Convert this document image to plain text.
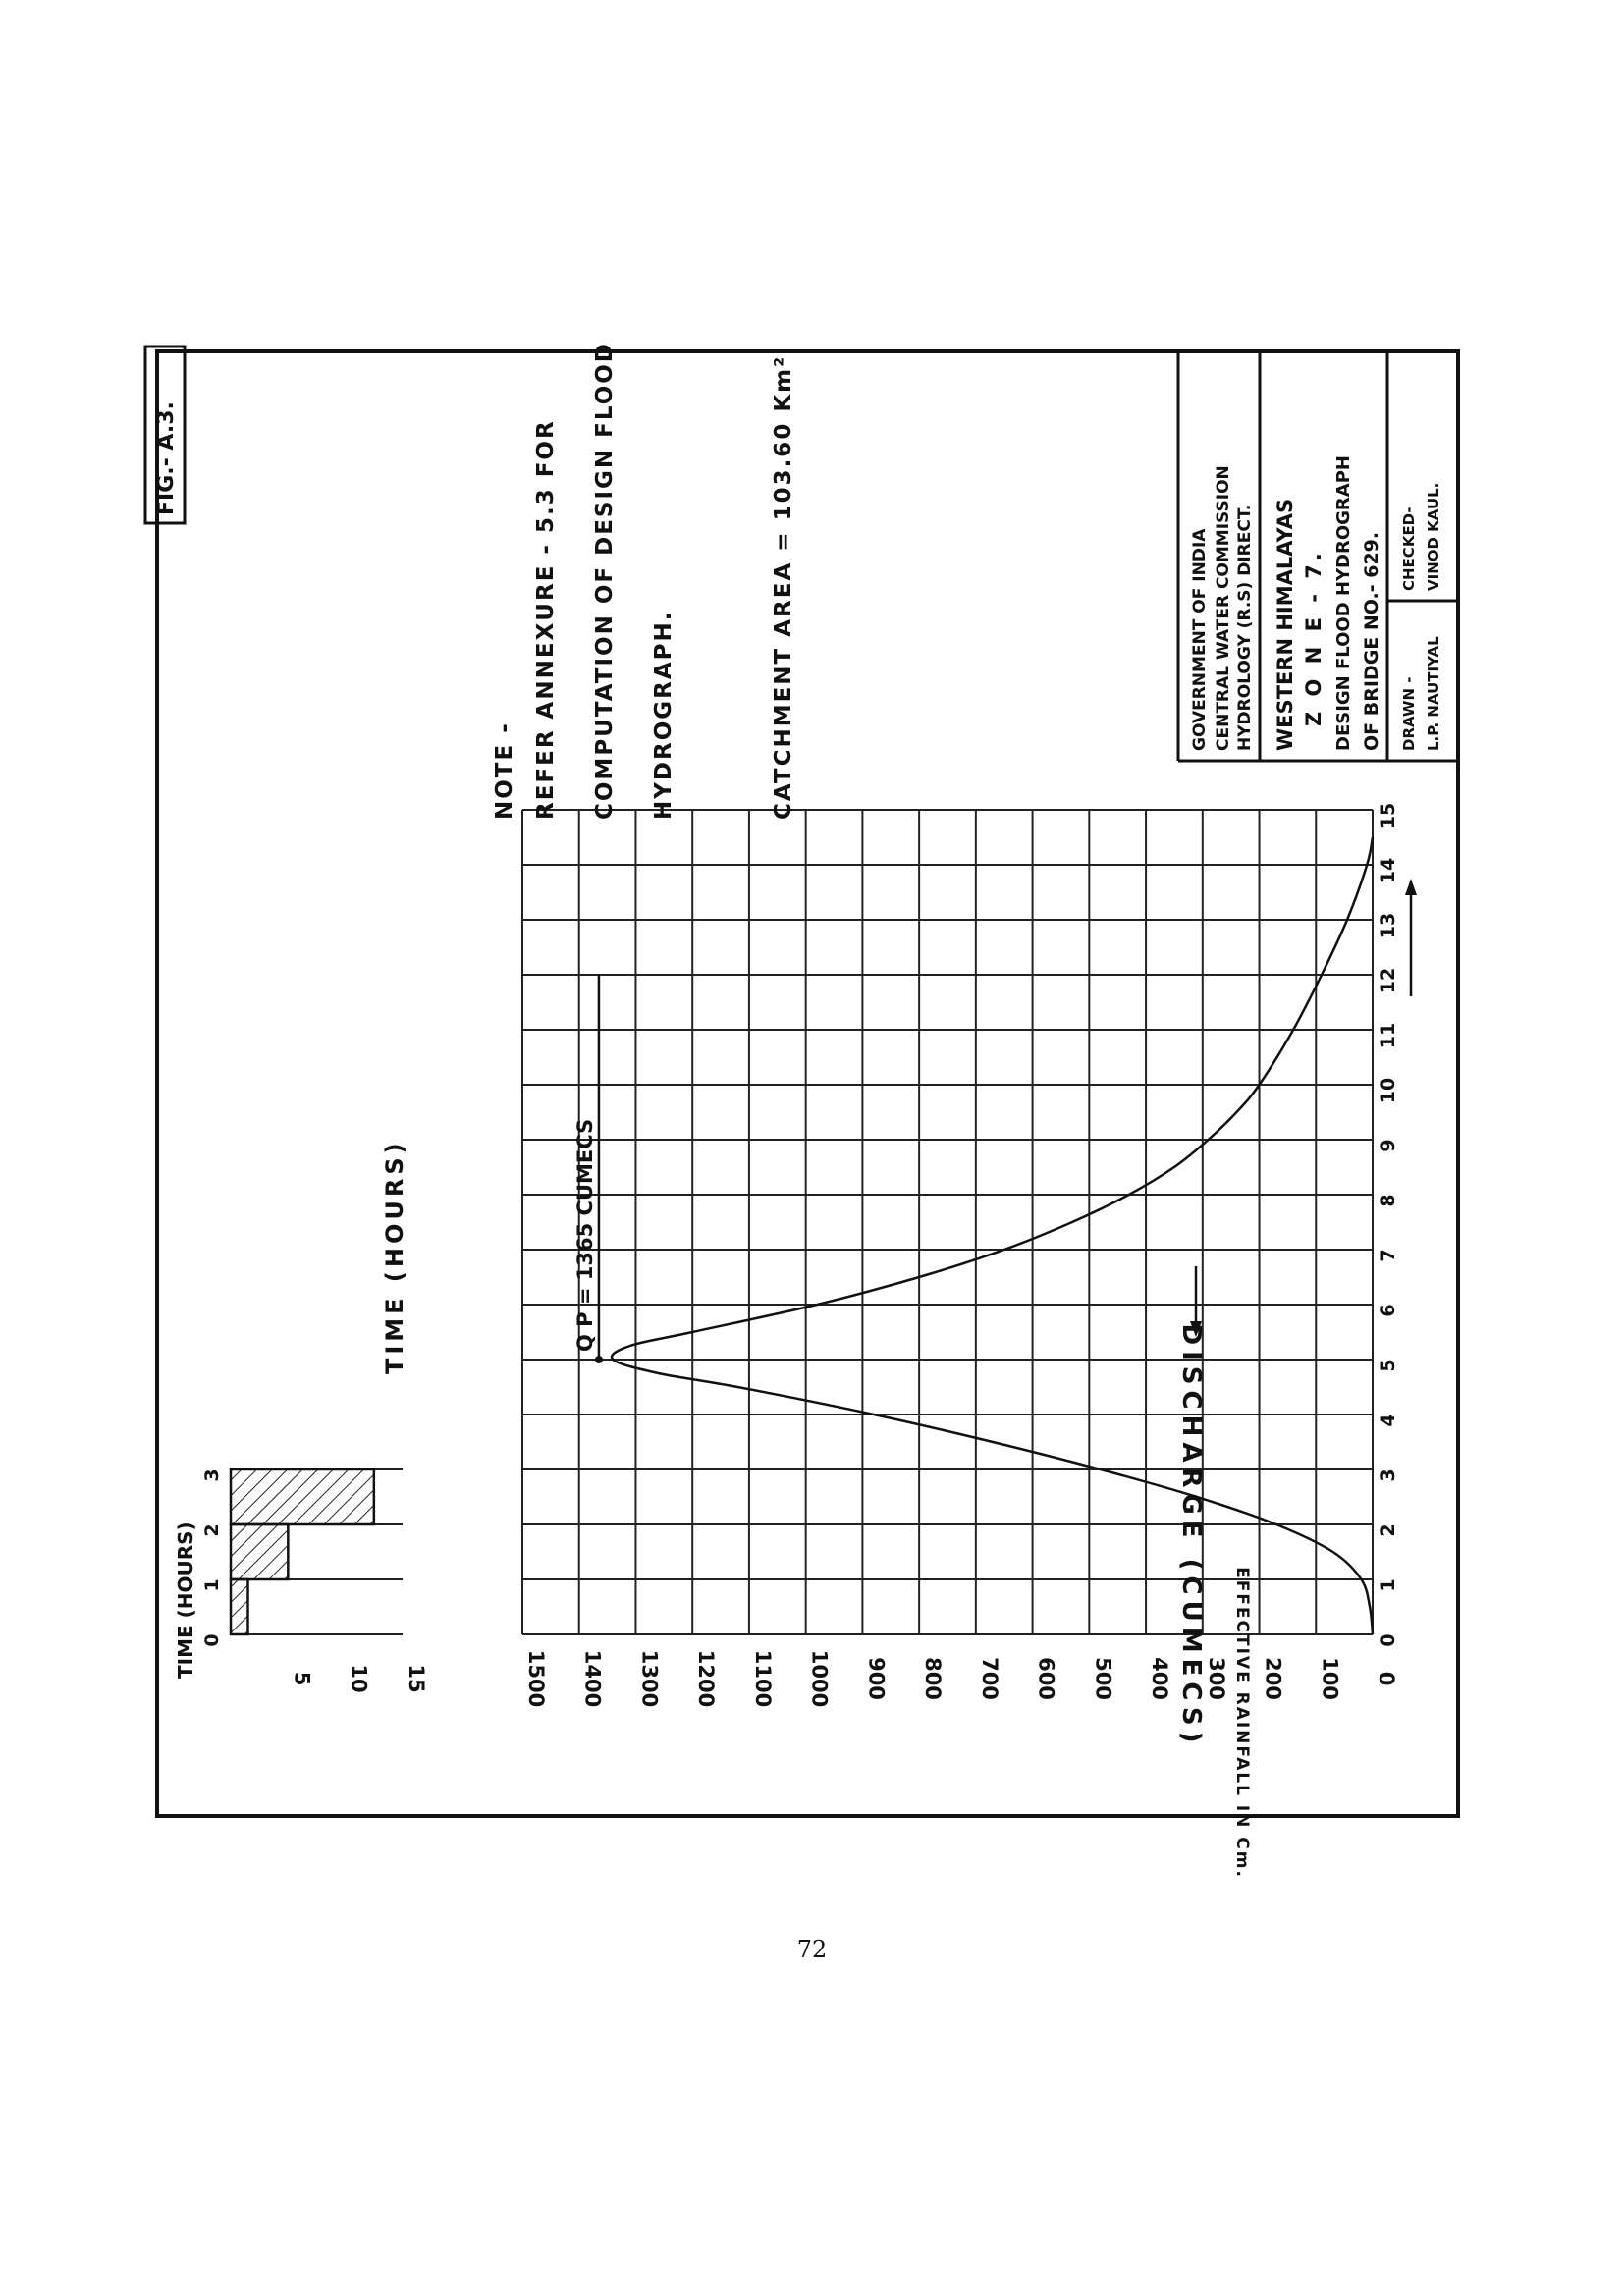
FIG.- A.3.
0
1
2
3
4
5
6
7
8
9
10
11
12
13
14
15
0
100
200
300
400
500
600
700
800
900
1000
1100
1200
1300
1400
1500
0
1
2
3
5 10 15
Q P = 1365 CUMECS
TIME (HOURS)
TIME (HOURS)	DISCHARGE (CUMECS) EFFECTIVE RAINFALL IN Cm.
NOTE - REFER ANNEXURE - 5.3 FOR COMPUTATION OF DESIGN FLOOD HYDROGRAPH.	CATCHMENT AREA = 103.60 Km²	GOVERNMENT OF INDIA CENTRAL WATER COMMISSION HYDROLOGY (R.S) DIRECT. WESTERN HIMALAYAS Z O N E - 7. DESIGN FLOOD HYDROGRAPH OF BRIDGE NO.- 629. DRAWN - L.P. NAUTIYAL
CHECKED- VINOD KAUL.
72
